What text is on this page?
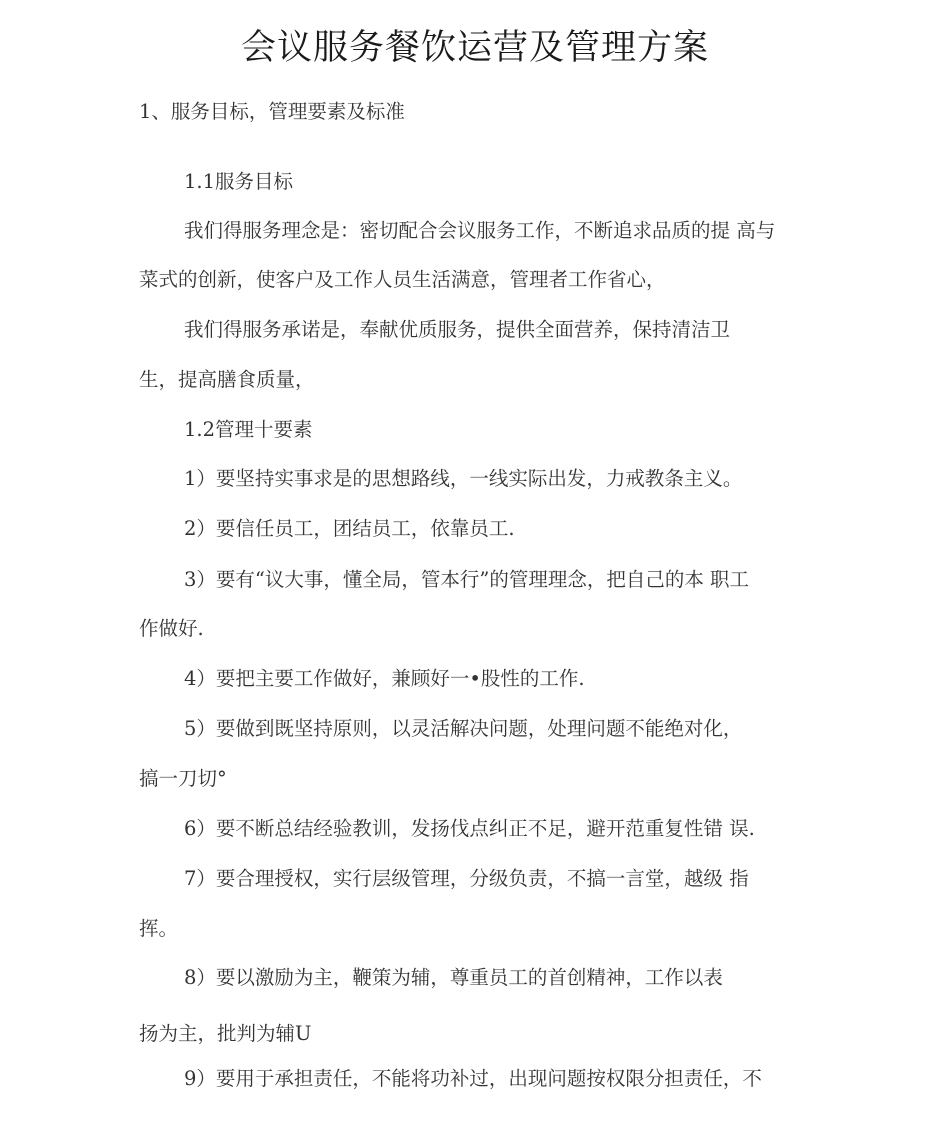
会议服务餐饮运营及管理方案
1、服务目标，管理要素及标准
1.1服务目标
我们得服务理念是：密切配合会议服务工作，不断追求品质的提 高与
菜式的创新，使客户及工作人员生活满意，管理者工作省心，
我们得服务承诺是，奉献优质服务，提供全面营养，保持清洁卫
生，提高膳食质量，
1.2管理十要素
1）要坚持实事求是的思想路线，一线实际出发，力戒教条主义。
2）要信任员工，团结员工，依靠员工.
3）要有“议大事，懂全局，管本行”的管理理念，把自己的本 职工
作做好.
4）要把主要工作做好，兼顾好一•股性的工作.
5）要做到既坚持原则，以灵活解决问题，处理问题不能绝对化，
搞一刀切°
6）要不断总结经验教训，发扬伐点纠正不足，避开范重复性错 误.
7）要合理授权，实行层级管理，分级负责，不搞一言堂，越级 指
挥。
8）要以激励为主，鞭策为辅，尊重员工的首创精神，工作以表
扬为主，批判为辅U
9）要用于承担责任，不能将功补过，出现问题按权限分担责任，不
